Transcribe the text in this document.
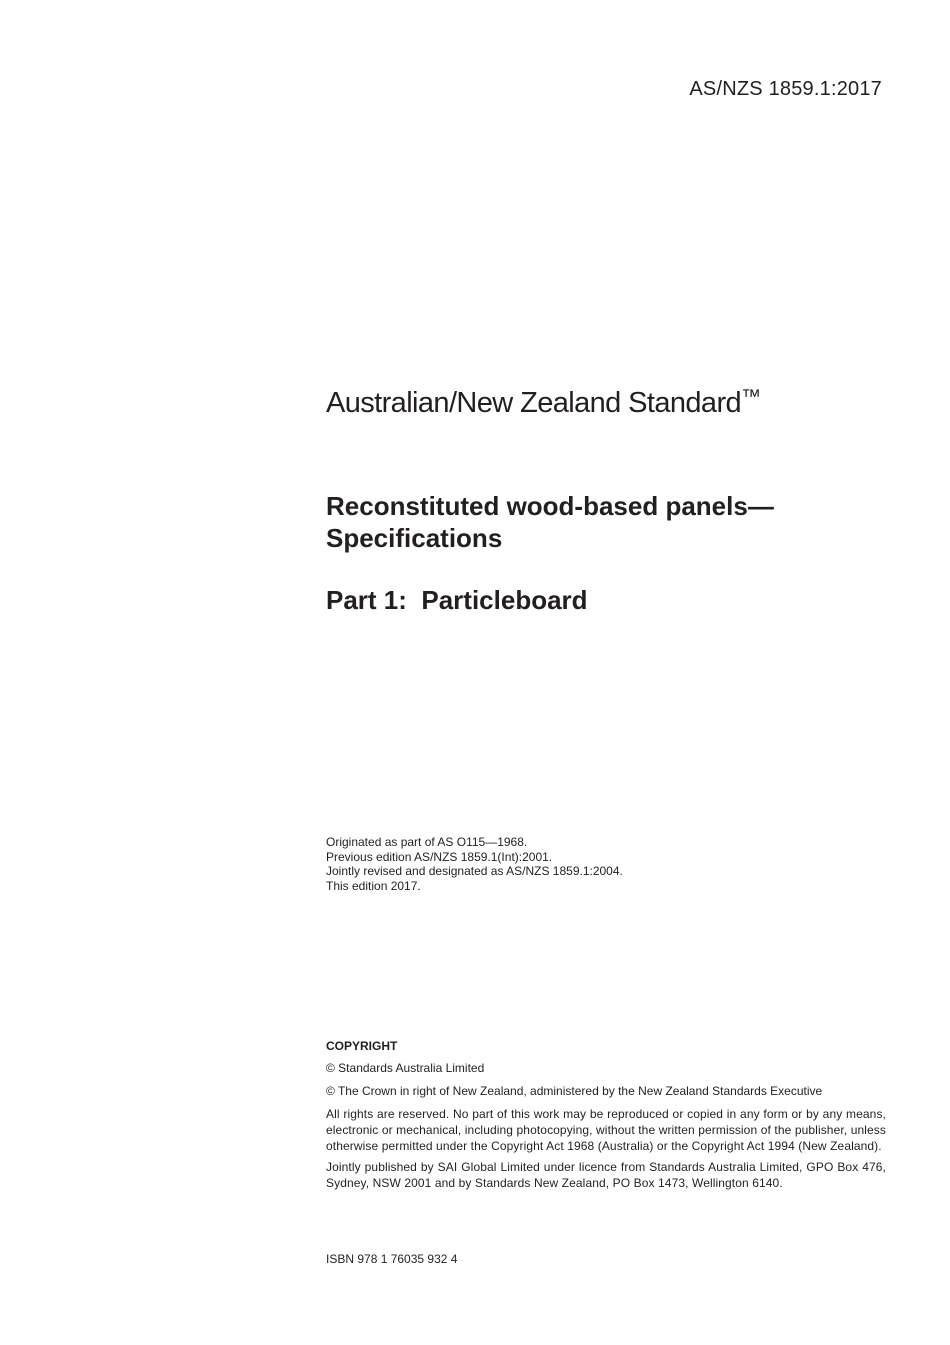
AS/NZS 1859.1:2017
Australian/New Zealand Standard™
Reconstituted wood-based panels—
Specifications
Part 1:  Particleboard
Originated as part of AS O115—1968.
Previous edition AS/NZS 1859.1(Int):2001.
Jointly revised and designated as AS/NZS 1859.1:2004.
This edition 2017.
COPYRIGHT
© Standards Australia Limited
© The Crown in right of New Zealand, administered by the New Zealand Standards Executive
All rights are reserved. No part of this work may be reproduced or copied in any form or by any means, electronic or mechanical, including photocopying, without the written permission of the publisher, unless otherwise permitted under the Copyright Act 1968 (Australia) or the Copyright Act 1994 (New Zealand).
Jointly published by SAI Global Limited under licence from Standards Australia Limited, GPO Box 476, Sydney, NSW 2001 and by Standards New Zealand, PO Box 1473, Wellington 6140.
ISBN 978 1 76035 932 4
